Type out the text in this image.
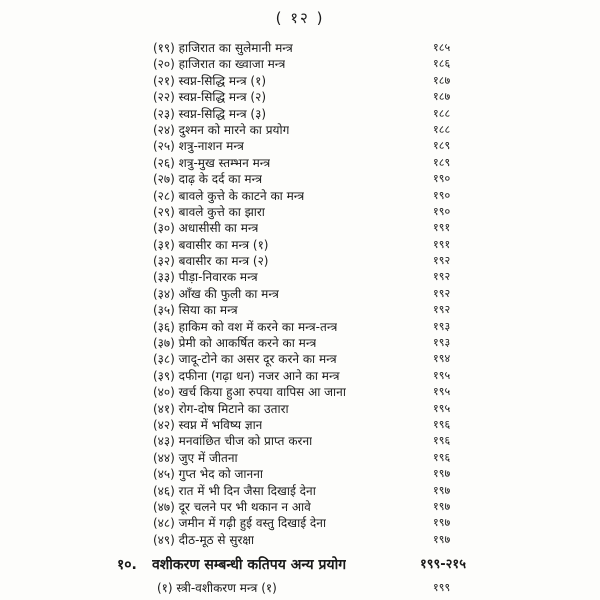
( १२ )
(१९) हाजिरात का सुलेमानी मन्त्र	१८५
(२०) हाजिरात का ख्वाजा मन्त्र	१८६
(२१) स्वप्न-सिद्धि मन्त्र (१)	१८७
(२२) स्वप्न-सिद्धि मन्त्र (२)	१८७
(२३) स्वप्न-सिद्धि मन्त्र (३)	१८८
(२४) दुश्मन को मारने का प्रयोग	१८८
(२५) शत्रु-नाशन मन्त्र	१८९
(२६) शत्रु-मुख स्तम्भन मन्त्र	१८९
(२७) दाढ़ के दर्द का मन्त्र	१९०
(२८) बावले कुत्ते के काटने का मन्त्र	१९०
(२९) बावले कुत्ते का झारा	१९०
(३०) अधासीसी का मन्त्र	१९१
(३१) बवासीर का मन्त्र (१)	१९१
(३२) बवासीर का मन्त्र (२)	१९२
(३३) पीड़ा-निवारक मन्त्र	१९२
(३४) आँख की फुली का मन्त्र	१९२
(३५) सिया का मन्त्र	१९२
(३६) हाकिम को वश में करने का मन्त्र-तन्त्र	१९३
(३७) प्रेमी को आकर्षित करने का मन्त्र	१९३
(३८) जादू-टोने का असर दूर करने का मन्त्र	१९४
(३९) दफीना (गढ़ा धन) नजर आने का मन्त्र	१९५
(४०) खर्च किया हुआ रुपया वापिस आ जाना	१९५
(४१) रोग-दोष मिटाने का उतारा	१९५
(४२) स्वप्न में भविष्य ज्ञान	१९६
(४३) मनवांछित चीज को प्राप्त करना	१९६
(४४) जुए में जीतना	१९६
(४५) गुप्त भेद को जानना	१९७
(४६) रात में भी दिन जैसा दिखाई देना	१९७
(४७) दूर चलने पर भी थकान न आवे	१९७
(४८) जमीन में गढ़ी हुई वस्तु दिखाई देना	१९७
(४९) दीठ-मूठ से सुरक्षा	१९७
१०. वशीकरण सम्बन्धी कतिपय अन्य प्रयोग	१९९-२१५
(१) स्त्री-वशीकरण मन्त्र (१)	१९९
